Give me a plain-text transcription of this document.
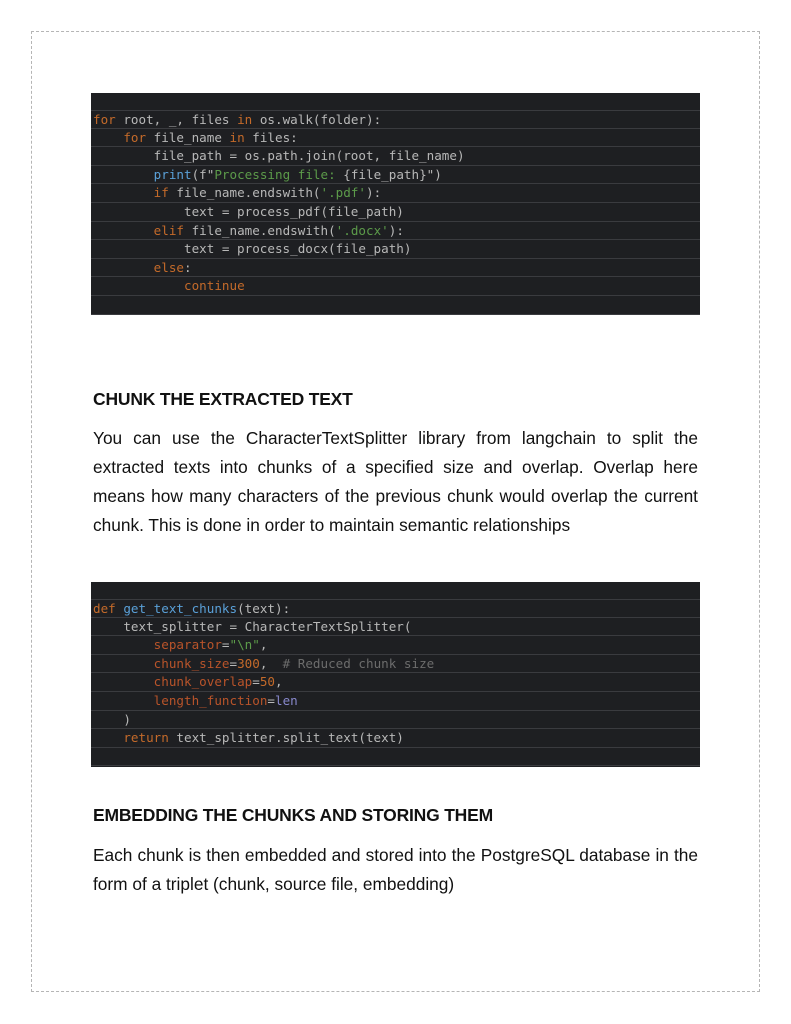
for root, _, files in os.walk(folder):
for file_name in files:
file_path = os.path.join(root, file_name)
print(f"Processing file: {file_path}")
if file_name.endswith('.pdf'):
text = process_pdf(file_path)
elif file_name.endswith('.docx'):
text = process_docx(file_path)
else:
continue
CHUNK THE EXTRACTED TEXT

You can use the CharacterTextSplitter library from langchain to split the extracted texts into chunks of a specified size and overlap. Overlap here means how many characters of the previous chunk would overlap the current chunk. This is done in order to maintain semantic relationships

def get_text_chunks(text):
text_splitter = CharacterTextSplitter(
separator="\n",
chunk_size=300,  # Reduced chunk size
chunk_overlap=50,
length_function=len
)
return text_splitter.split_text(text)
EMBEDDING THE CHUNKS AND STORING THEM

Each chunk is then embedded and stored into the PostgreSQL database in the form of a triplet (chunk, source file, embedding)
